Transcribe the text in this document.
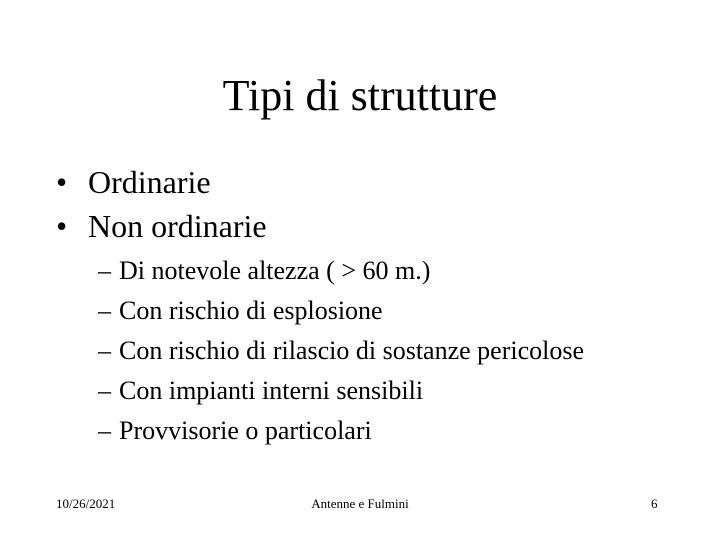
Tipi di strutture
• Ordinarie
• Non ordinarie
– Di notevole altezza ( > 60 m.)
– Con rischio di esplosione
– Con rischio di rilascio di sostanze pericolose
– Con impianti interni sensibili
– Provvisorie o particolari
10/26/2021	Antenne e Fulmini	6
